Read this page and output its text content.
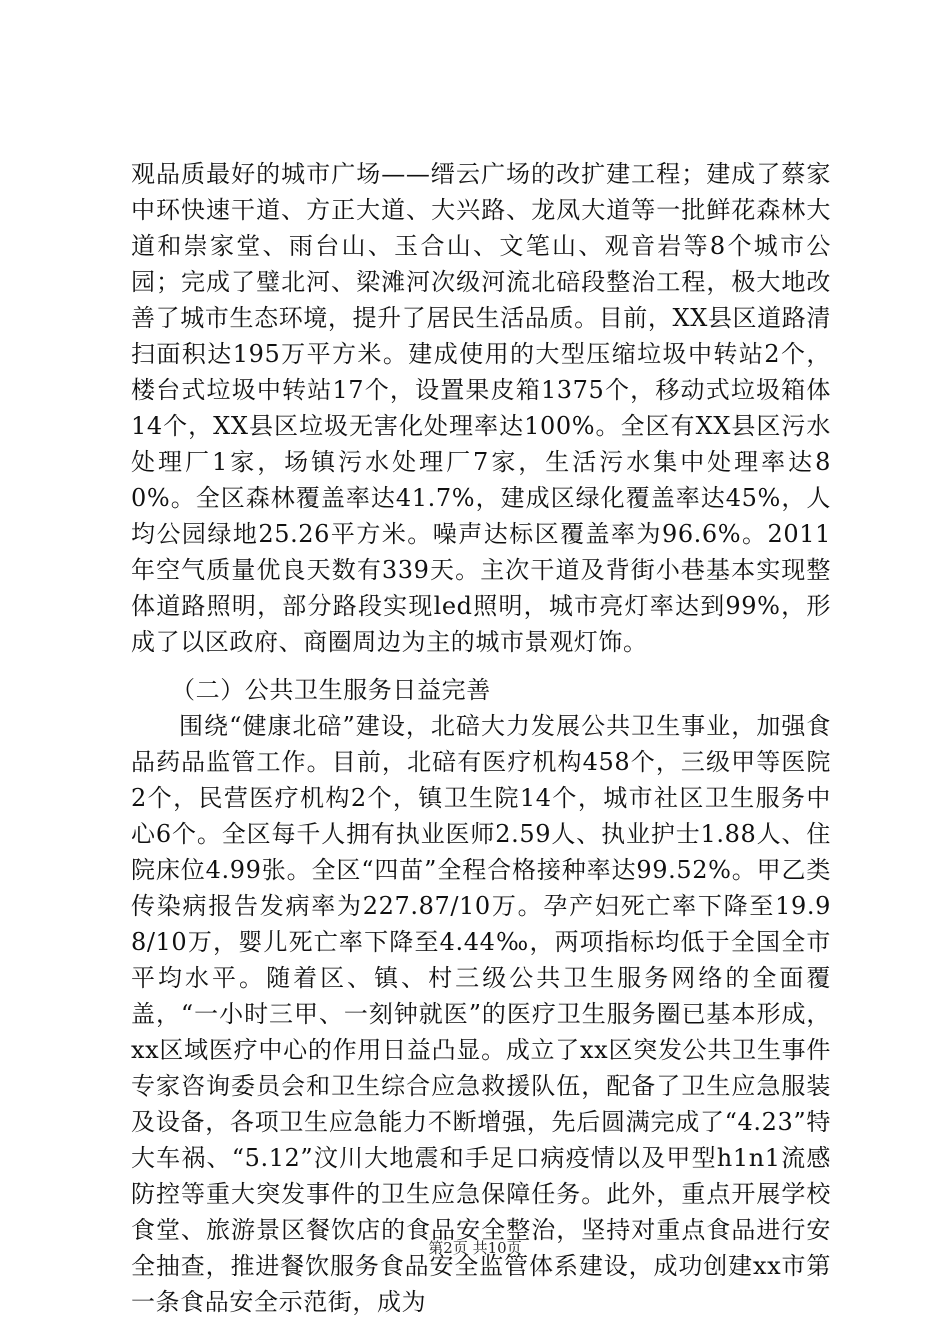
观品质最好的城市广场——缙云广场的改扩建工程；建成了蔡家中环快速干道、方正大道、大兴路、龙凤大道等一批鲜花森林大道和崇家堂、雨台山、玉合山、文笔山、观音岩等8个城市公园；完成了璧北河、梁滩河次级河流北碚段整治工程，极大地改善了城市生态环境，提升了居民生活品质。目前，XX县区道路清扫面积达195万平方米。建成使用的大型压缩垃圾中转站2个，楼台式垃圾中转站17个，设置果皮箱1375个，移动式垃圾箱体14个，XX县区垃圾无害化处理率达100%。全区有XX县区污水处理厂1家，场镇污水处理厂7家，生活污水集中处理率达80%。全区森林覆盖率达41.7%，建成区绿化覆盖率达45%，人均公园绿地25.26平方米。噪声达标区覆盖率为96.6%。2011年空气质量优良天数有339天。主次干道及背街小巷基本实现整体道路照明，部分路段实现led照明，城市亮灯率达到99%，形成了以区政府、商圈周边为主的城市景观灯饰。

（二）公共卫生服务日益完善

围绕“健康北碚”建设，北碚大力发展公共卫生事业，加强食品药品监管工作。目前，北碚有医疗机构458个，三级甲等医院2个，民营医疗机构2个，镇卫生院14个，城市社区卫生服务中心6个。全区每千人拥有执业医师2.59人、执业护士1.88人、住院床位4.99张。全区“四苗”全程合格接种率达99.52%。甲乙类传染病报告发病率为227.87/10万。孕产妇死亡率下降至19.98/10万，婴儿死亡率下降至4.44‰，两项指标均低于全国全市平均水平。随着区、镇、村三级公共卫生服务网络的全面覆盖，“一小时三甲、一刻钟就医”的医疗卫生服务圈已基本形成，xx区域医疗中心的作用日益凸显。成立了xx区突发公共卫生事件专家咨询委员会和卫生综合应急救援队伍，配备了卫生应急服装及设备，各项卫生应急能力不断增强，先后圆满完成了“4.23”特大车祸、“5.12”汶川大地震和手足口病疫情以及甲型h1n1流感防控等重大突发事件的卫生应急保障任务。此外，重点开展学校食堂、旅游景区餐饮店的食品安全整治，坚持对重点食品进行安全抽查，推进餐饮服务食品安全监管体系建设，成功创建xx市第一条食品安全示范街，成为

第2页 共10页
